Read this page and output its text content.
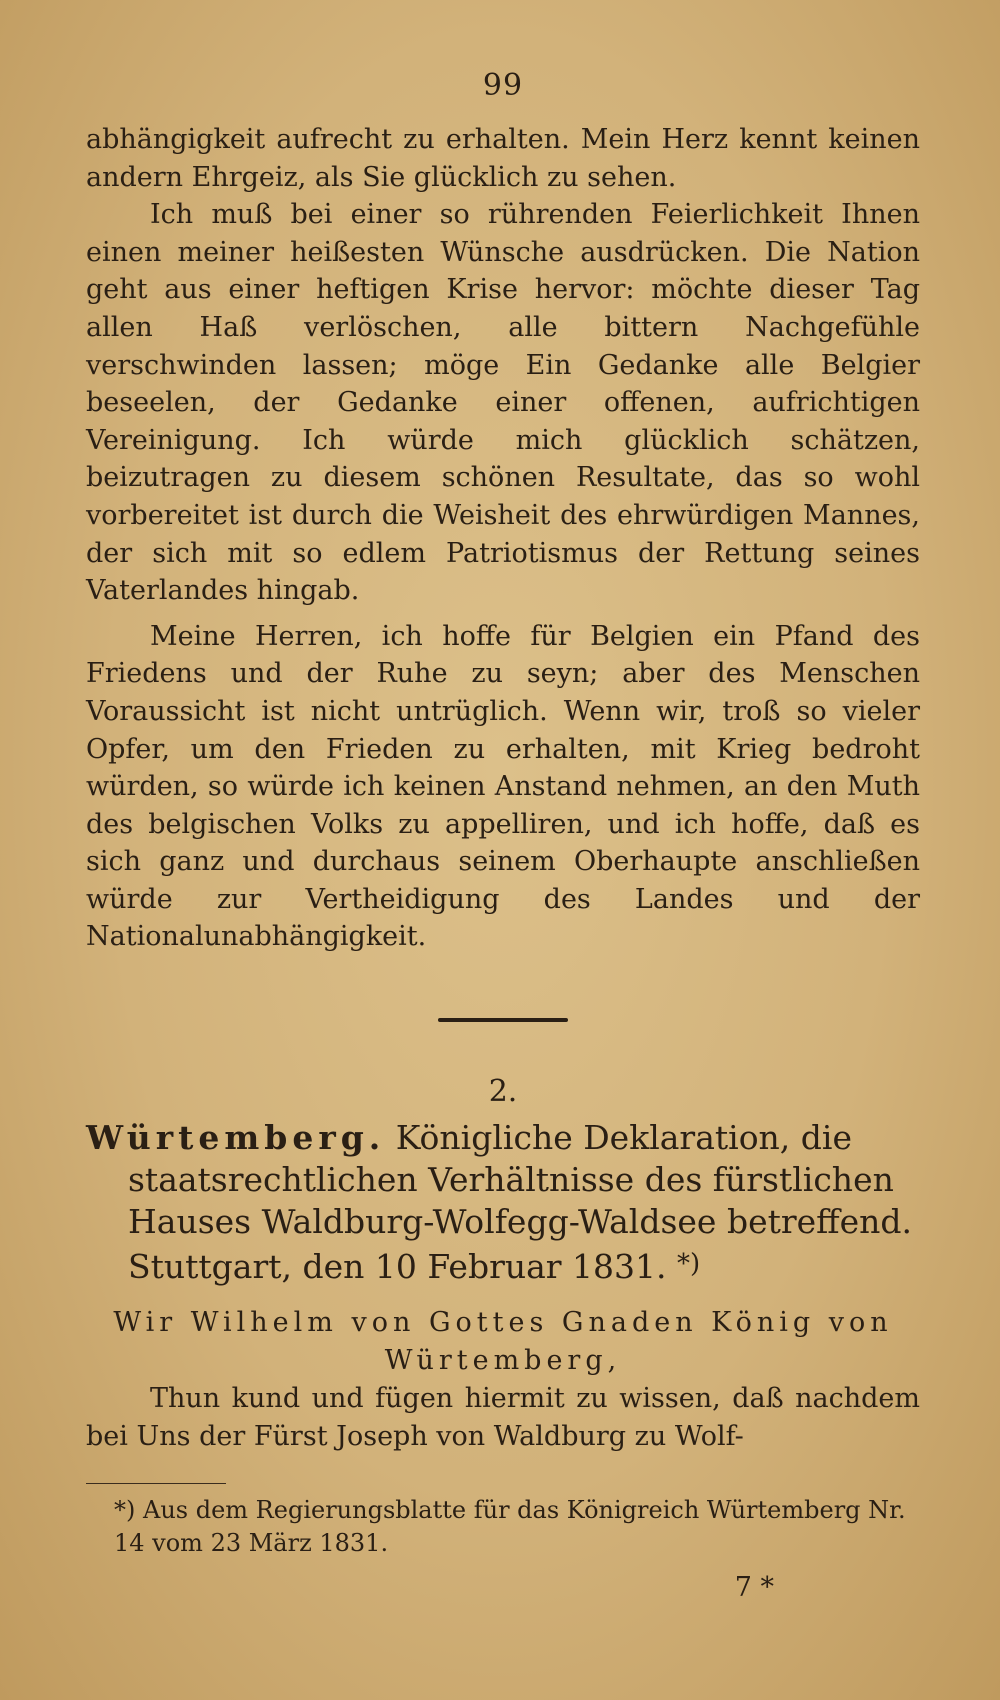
99

abhängigkeit aufrecht zu erhalten. Mein Herz kennt keinen andern Ehrgeiz, als Sie glücklich zu sehen.

Ich muß bei einer so rührenden Feierlichkeit Ihnen einen meiner heißesten Wünsche ausdrücken. Die Nation geht aus einer heftigen Krise hervor: möchte dieser Tag allen Haß verlöschen, alle bittern Nachgefühle verschwinden lassen; möge Ein Gedanke alle Belgier beseelen, der Gedanke einer offenen, aufrichtigen Vereinigung. Ich würde mich glücklich schätzen, beizutragen zu diesem schönen Resultate, das so wohl vorbereitet ist durch die Weisheit des ehrwürdigen Mannes, der sich mit so edlem Patriotismus der Rettung seines Vaterlandes hingab.

Meine Herren, ich hoffe für Belgien ein Pfand des Friedens und der Ruhe zu seyn; aber des Menschen Voraussicht ist nicht untrüglich. Wenn wir, troß so vieler Opfer, um den Frieden zu erhalten, mit Krieg bedroht würden, so würde ich keinen Anstand nehmen, an den Muth des belgischen Volks zu appelliren, und ich hoffe, daß es sich ganz und durchaus seinem Oberhaupte anschließen würde zur Vertheidigung des Landes und der Nationalunabhängigkeit.

2.

Würtemberg. Königliche Deklaration, die staatsrechtlichen Verhältnisse des fürstlichen Hauses Waldburg-Wolfegg-Waldsee betreffend. Stuttgart, den 10 Februar 1831. *)

Wir Wilhelm von Gottes Gnaden König von Würtemberg,

Thun kund und fügen hiermit zu wissen, daß nachdem bei Uns der Fürst Joseph von Waldburg zu Wolf-

*) Aus dem Regierungsblatte für das Königreich Würtemberg Nr. 14 vom 23 März 1831.

7 *
